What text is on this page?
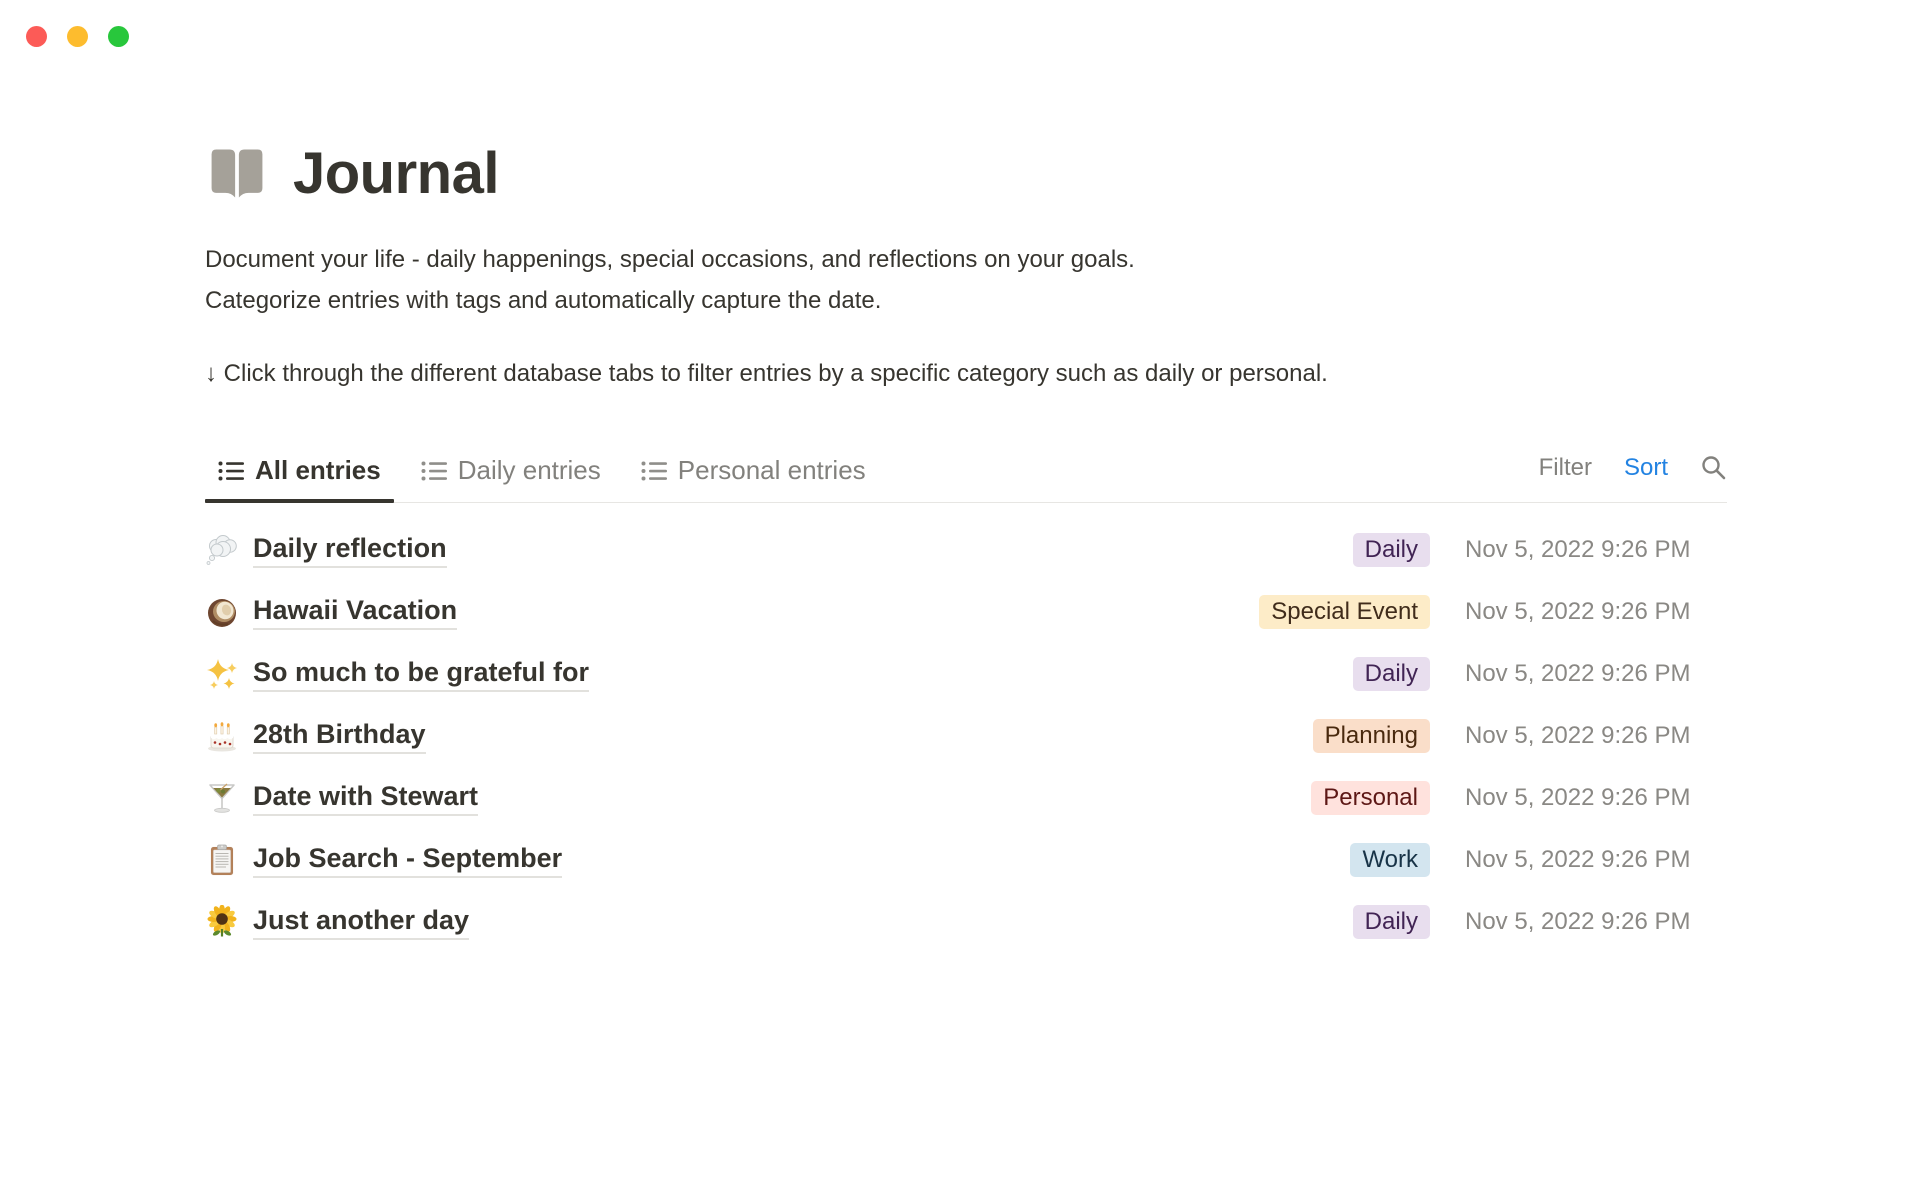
Journal
Document your life - daily happenings, special occasions, and reflections on your goals.
Categorize entries with tags and automatically capture the date.
↓ Click through the different database tabs to filter entries by a specific category such as daily or personal.
All entries	Daily entries	Personal entries	Filter Sort
Daily reflection	Daily	Nov 5, 2022 9:26 PM
Hawaii Vacation	Special Event	Nov 5, 2022 9:26 PM
So much to be grateful for	Daily	Nov 5, 2022 9:26 PM
28th Birthday	Planning	Nov 5, 2022 9:26 PM
Date with Stewart	Personal	Nov 5, 2022 9:26 PM
Job Search - September	Work	Nov 5, 2022 9:26 PM
Just another day	Daily	Nov 5, 2022 9:26 PM
